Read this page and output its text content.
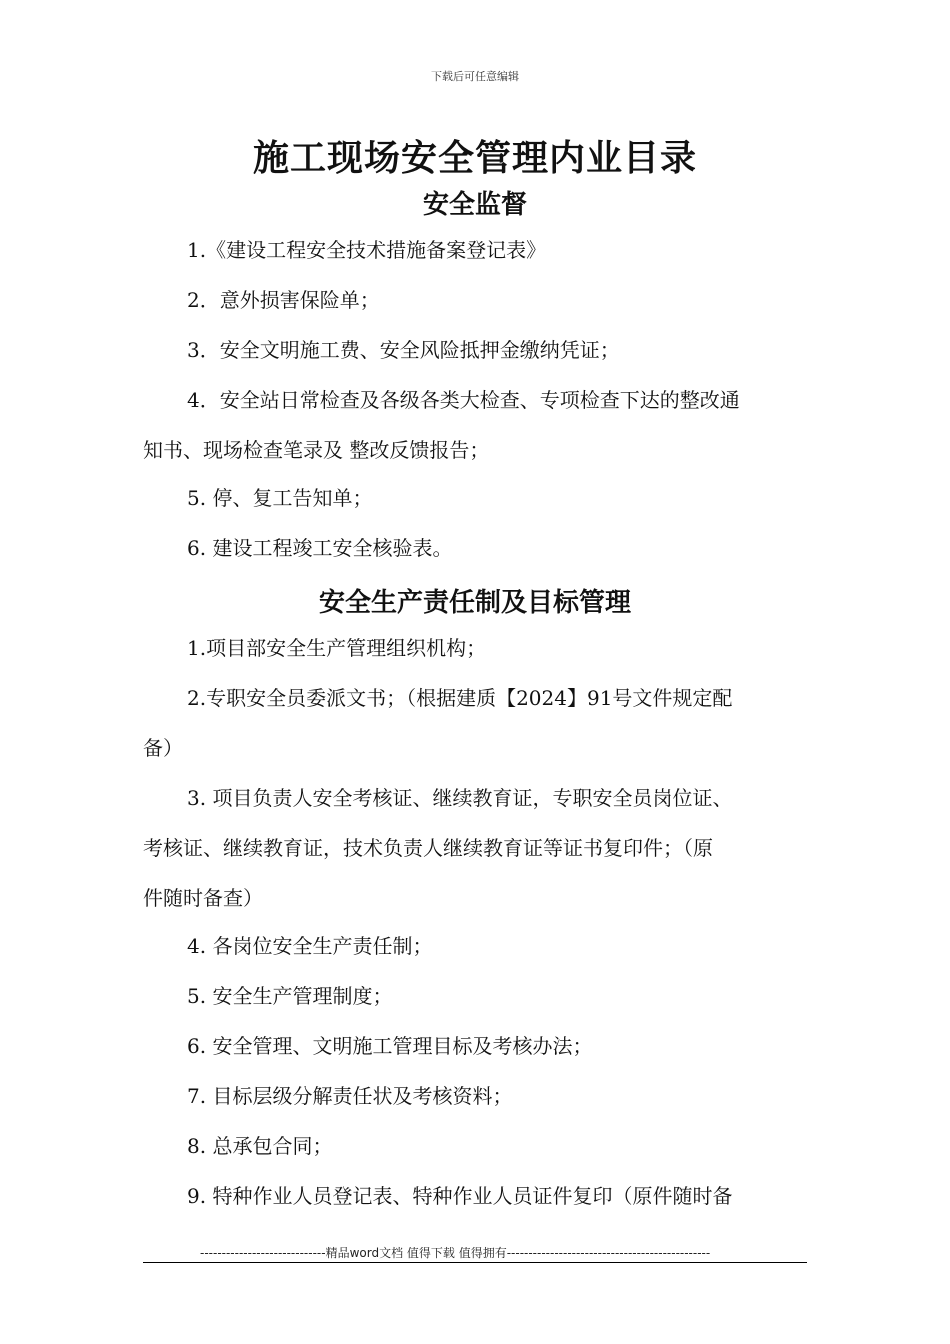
下载后可任意编辑
施工现场安全管理内业目录
安全监督
1.《建设工程安全技术措施备案登记表》
2．意外损害保险单；
3．安全文明施工费、安全风险抵押金缴纳凭证；
4．安全站日常检查及各级各类大检查、专项检查下达的整改通
知书、现场检查笔录及 整改反馈报告；
5. 停、复工告知单；
6. 建设工程竣工安全核验表。
安全生产责任制及目标管理
1.项目部安全生产管理组织机构；
2.专职安全员委派文书；（根据建质【2024】91号文件规定配
备）
3. 项目负责人安全考核证、继续教育证，专职安全员岗位证、
考核证、继续教育证，技术负责人继续教育证等证书复印件；（原
件随时备查）
4. 各岗位安全生产责任制；
5. 安全生产管理制度；
6. 安全管理、文明施工管理目标及考核办法；
7. 目标层级分解责任状及考核资料；
8. 总承包合同；
9. 特种作业人员登记表、特种作业人员证件复印（原件随时备
-----------------------------精品word文档 值得下载 值得拥有-----------------------------------------------
